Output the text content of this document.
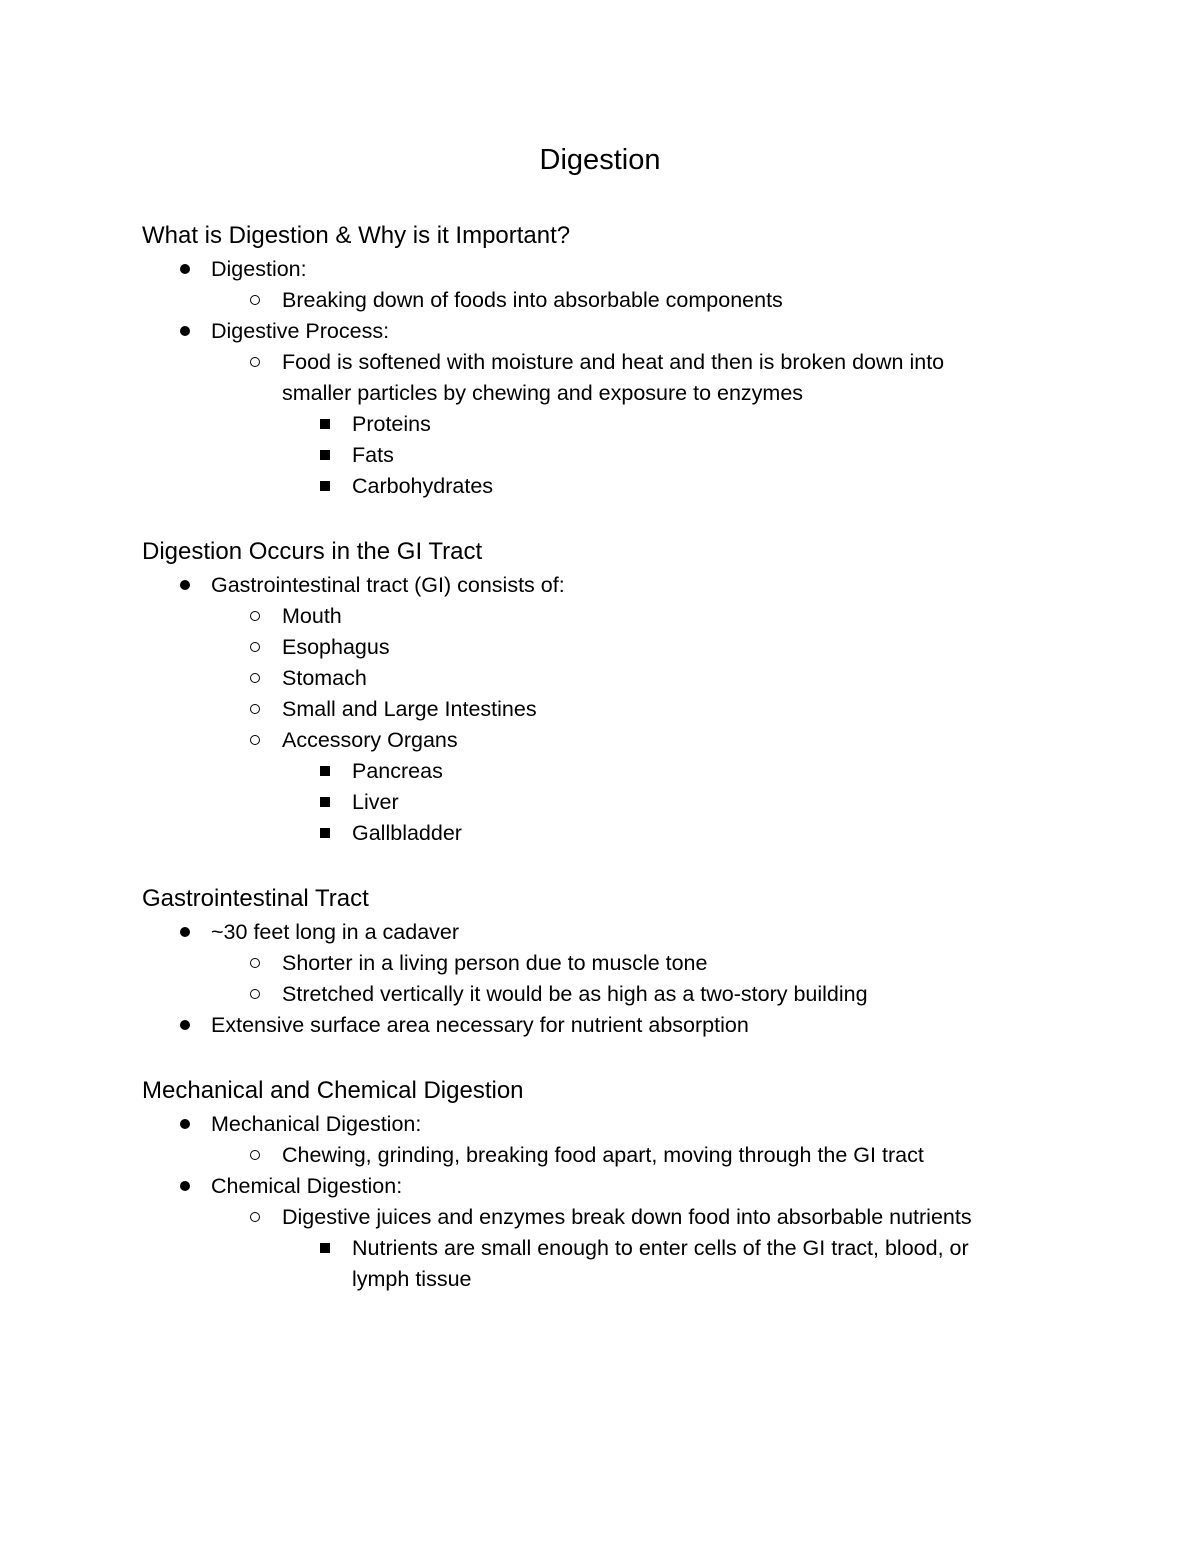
Digestion
What is Digestion & Why is it Important?
Digestion:
Breaking down of foods into absorbable components
Digestive Process:
Food is softened with moisture and heat and then is broken down into
smaller particles by chewing and exposure to enzymes
Proteins
Fats
Carbohydrates
Digestion Occurs in the GI Tract
Gastrointestinal tract (GI) consists of:
Mouth
Esophagus
Stomach
Small and Large Intestines
Accessory Organs
Pancreas
Liver
Gallbladder
Gastrointestinal Tract
~30 feet long in a cadaver
Shorter in a living person due to muscle tone
Stretched vertically it would be as high as a two-story building
Extensive surface area necessary for nutrient absorption
Mechanical and Chemical Digestion
Mechanical Digestion:
Chewing, grinding, breaking food apart, moving through the GI tract
Chemical Digestion:
Digestive juices and enzymes break down food into absorbable nutrients
Nutrients are small enough to enter cells of the GI tract, blood, or
lymph tissue
